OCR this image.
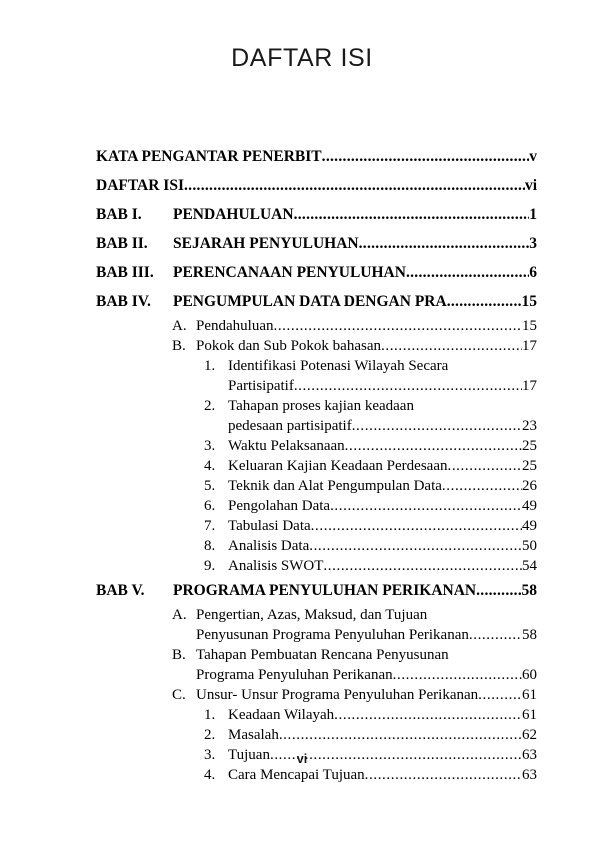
DAFTAR ISI
KATA PENGANTAR PENERBIT .....	v
DAFTAR ISI .....	vi
BAB I.	PENDAHULUAN .....	1
BAB II.	SEJARAH PENYULUHAN .....	3
BAB III.	PERENCANAAN PENYULUHAN .....	6
BAB IV.	PENGUMPULAN DATA DENGAN PRA .....	15
A. Pendahuluan .....	15
B. Pokok dan Sub Pokok bahasan .....	17
1. Identifikasi Potenasi Wilayah Secara
Partisipatif .....	17
2. Tahapan proses kajian keadaan
pedesaan partisipatif .....	23
3. Waktu Pelaksanaan .....	25
4. Keluaran Kajian Keadaan Perdesaan .....	25
5. Teknik dan Alat Pengumpulan Data .....	26
6. Pengolahan Data .....	49
7. Tabulasi Data .....	49
8. Analisis Data .....	50
9. Analisis SWOT .....	54
BAB V.	PROGRAMA PENYULUHAN PERIKANAN .....	58
A. Pengertian, Azas, Maksud, dan Tujuan
Penyusunan Programa Penyuluhan Perikanan .....	58
B. Tahapan Pembuatan Rencana Penyusunan
Programa Penyuluhan Perikanan .....	60
C. Unsur- Unsur Programa Penyuluhan Perikanan .....	61
1. Keadaan Wilayah .....	61
2. Masalah .....	62
3. Tujuan .....	63
4. Cara Mencapai Tujuan .....	63
vi
